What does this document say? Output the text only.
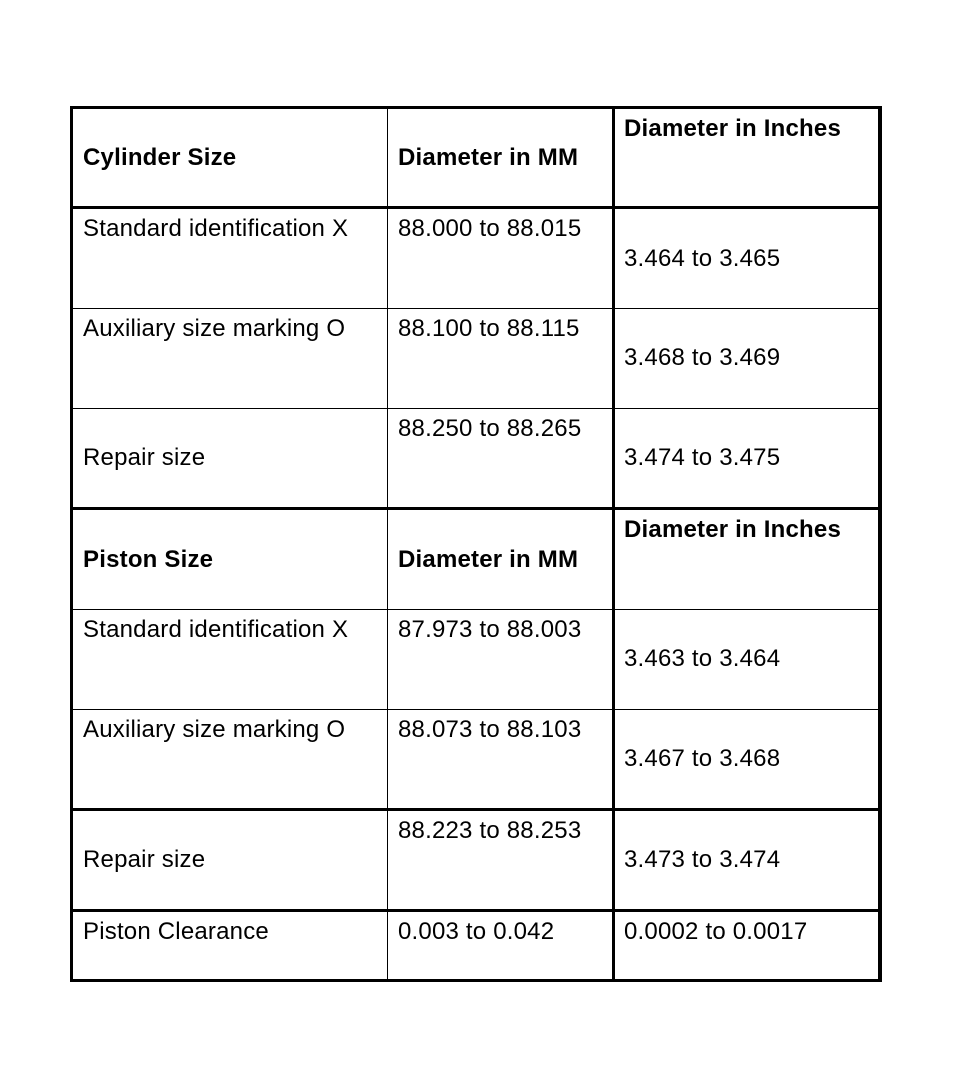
Cylinder Size	Diameter in MM	Diameter in Inches
Standard identification X	88.000 to 88.015	3.464 to 3.465
Auxiliary size marking O	88.100 to 88.115	3.468 to 3.469
Repair size	88.250 to 88.265	3.474 to 3.475
Piston Size	Diameter in MM	Diameter in Inches
Standard identification X	87.973 to 88.003	3.463 to 3.464
Auxiliary size marking O	88.073 to 88.103	3.467 to 3.468
Repair size	88.223 to 88.253	3.473 to 3.474
Piston Clearance	0.003 to 0.042	0.0002 to 0.0017
